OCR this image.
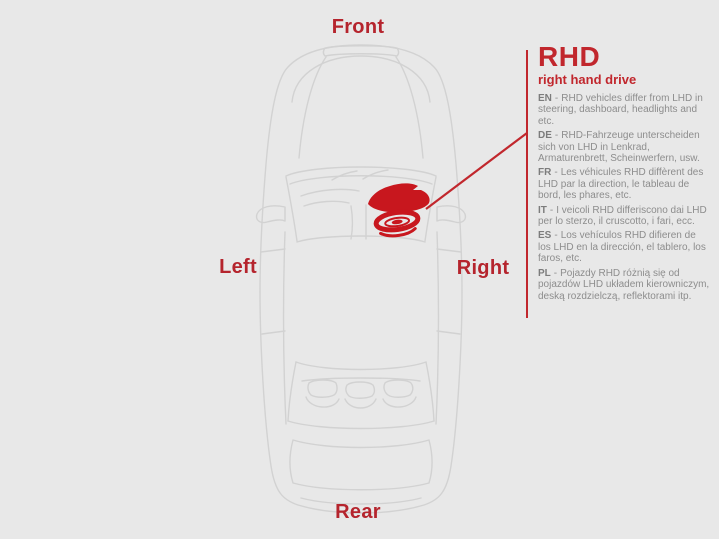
Front
Left	Right
Rear
RHD
right hand drive
EN - RHD vehicles differ from LHD in steering, dashboard, headlights and etc.
DE - RHD-Fahrzeuge unterscheiden sich von LHD in Lenkrad, Armaturenbrett, Scheinwerfern, usw.
FR - Les véhicules RHD diffèrent des LHD par la direction, le tableau de bord, les phares, etc.
IT - I veicoli RHD differiscono dai LHD per lo sterzo, il cruscotto, i fari, ecc.
ES - Los vehículos RHD difieren de los LHD en la dirección, el tablero, los faros, etc.
PL - Pojazdy RHD różnią się od pojazdów LHD układem kierowniczym, deską rozdzielczą, reflektorami itp.
